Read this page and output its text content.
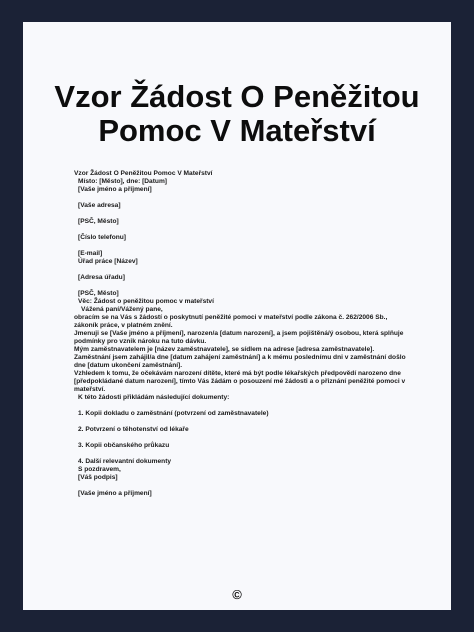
Vzor Žádost O Peněžitou
Pomoc V Mateřství
Vzor Žádost O Peněžitou Pomoc V Mateřství
Místo: [Město], dne: [Datum]
[Vaše jméno a příjmení]
[Vaše adresa]
[PSČ, Město]
[Číslo telefonu]
[E-mail]
Úřad práce [Název]
[Adresa úřadu]
[PSČ, Město]
Věc: Žádost o peněžitou pomoc v mateřství
Vážená paní/Vážený pane,
obracím se na Vás s žádostí o poskytnutí peněžité pomoci v mateřství podle zákona č. 262/2006 Sb.,
zákoník práce, v platném znění.
Jmenuji se [Vaše jméno a příjmení], narozen/a [datum narození], a jsem pojištěná/ý osobou, která splňuje
podmínky pro vznik nároku na tuto dávku.
Mým zaměstnavatelem je [název zaměstnavatele], se sídlem na adrese [adresa zaměstnavatele].
Zaměstnání jsem zahájil/a dne [datum zahájení zaměstnání] a k mému poslednímu dni v zaměstnání došlo
dne [datum ukončení zaměstnání].
Vzhledem k tomu, že očekávám narození dítěte, které má být podle lékařských předpovědí narozeno dne
[předpokládané datum narození], tímto Vás žádám o posouzení mé žádosti a o přiznání peněžité pomoci v
mateřství.
K této žádosti přikládám následující dokumenty:
1. Kopii dokladu o zaměstnání (potvrzení od zaměstnavatele)
2. Potvrzení o těhotenství od lékaře
3. Kopii občanského průkazu
4. Další relevantní dokumenty
S pozdravem,
[Váš podpis]
[Vaše jméno a příjmení]
©
